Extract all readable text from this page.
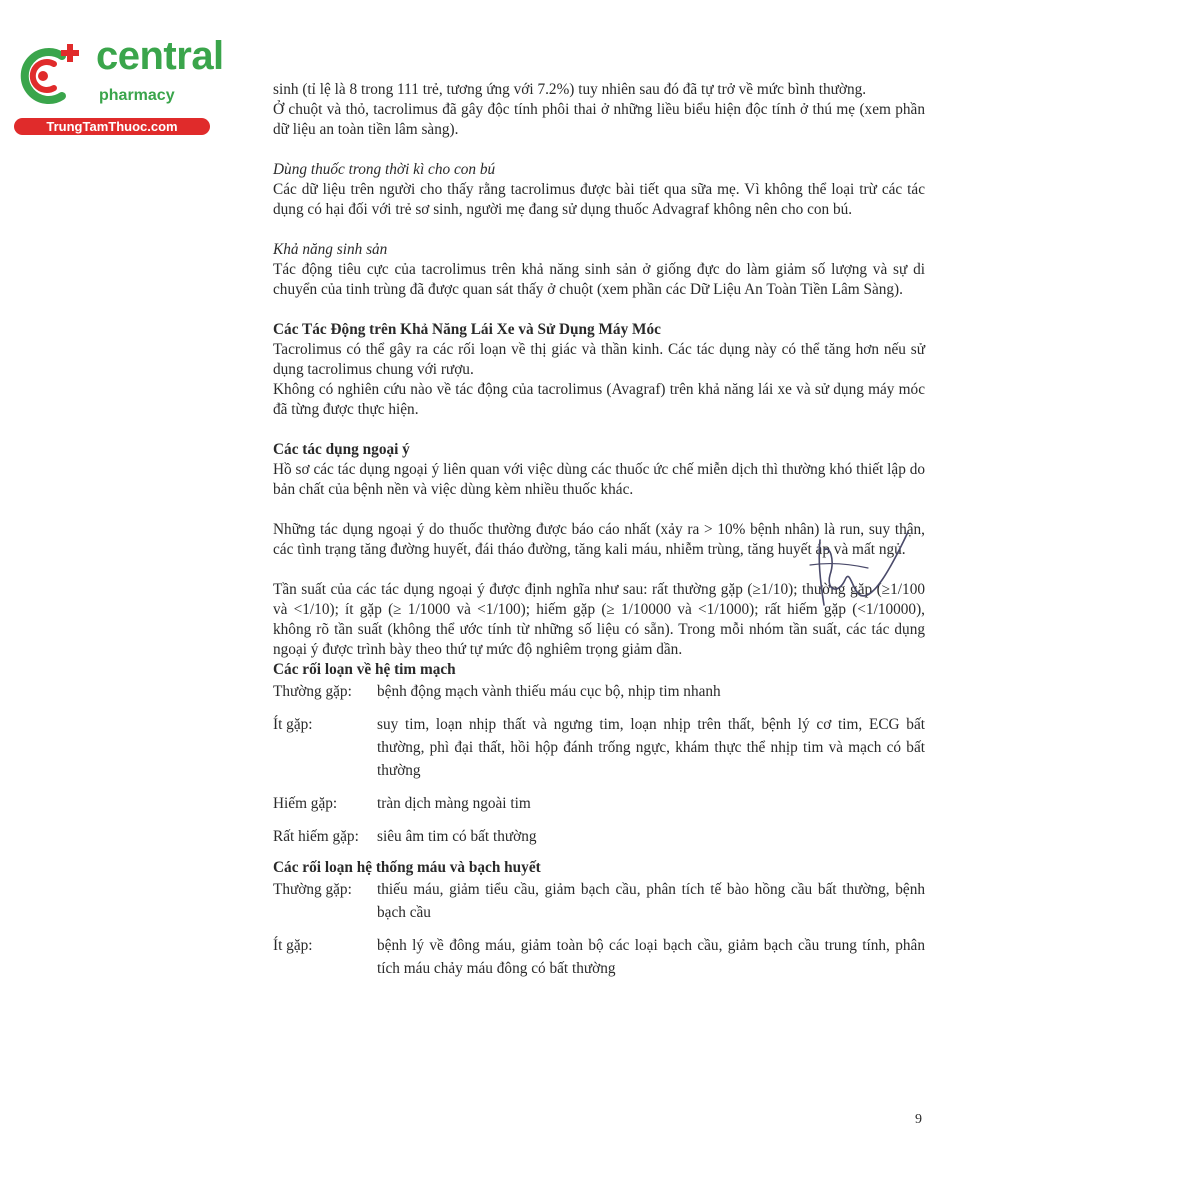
central
pharmacy
TrungTamThuoc.com

sinh (tỉ lệ là 8 trong 111 trẻ, tương ứng với 7.2%) tuy nhiên sau đó đã tự trở về mức bình thường.

Ở chuột và thỏ, tacrolimus đã gây độc tính phôi thai ở những liều biểu hiện độc tính ở thú mẹ (xem phần dữ liệu an toàn tiền lâm sàng).

Dùng thuốc trong thời kì cho con bú

Các dữ liệu trên người cho thấy rằng tacrolimus được bài tiết qua sữa mẹ. Vì không thể loại trừ các tác dụng có hại đối với trẻ sơ sinh, người mẹ đang sử dụng thuốc Advagraf không nên cho con bú.

Khả năng sinh sản

Tác động tiêu cực của tacrolimus trên khả năng sinh sản ở giống đực do làm giảm số lượng và sự di chuyển của tinh trùng đã được quan sát thấy ở chuột (xem phần các Dữ Liệu An Toàn Tiền Lâm Sàng).

Các Tác Động trên Khả Năng Lái Xe và Sử Dụng Máy Móc

Tacrolimus có thể gây ra các rối loạn về thị giác và thần kinh. Các tác dụng này có thể tăng hơn nếu sử dụng tacrolimus chung với rượu.

Không có nghiên cứu nào về tác động của tacrolimus (Avagraf) trên khả năng lái xe và sử dụng máy móc đã từng được thực hiện.

Các tác dụng ngoại ý

Hồ sơ các tác dụng ngoại ý liên quan với việc dùng các thuốc ức chế miễn dịch thì thường khó thiết lập do bản chất của bệnh nền và việc dùng kèm nhiều thuốc khác.

Những tác dụng ngoại ý do thuốc thường được báo cáo nhất (xảy ra > 10% bệnh nhân) là run, suy thận, các tình trạng tăng đường huyết, đái tháo đường, tăng kali máu, nhiễm trùng, tăng huyết áp và mất ngủ.

Tần suất của các tác dụng ngoại ý được định nghĩa như sau: rất thường gặp (≥1/10); thường gặp (≥1/100 và <1/10); ít gặp (≥ 1/1000 và <1/100); hiếm gặp (≥ 1/10000 và <1/1000); rất hiếm gặp (<1/10000), không rõ tần suất (không thể ước tính từ những số liệu có sẵn). Trong mỗi nhóm tần suất, các tác dụng ngoại ý được trình bày theo thứ tự mức độ nghiêm trọng giảm dần.

Các rối loạn về hệ tim mạch

Thường gặp:	bệnh động mạch vành thiếu máu cục bộ, nhịp tim nhanh
Ít gặp:	suy tim, loạn nhịp thất và ngưng tim, loạn nhịp trên thất, bệnh lý cơ tim, ECG bất thường, phì đại thất, hồi hộp đánh trống ngực, khám thực thể nhịp tim và mạch có bất thường
Hiếm gặp:	tràn dịch màng ngoài tim
Rất hiếm gặp:	siêu âm tim có bất thường

Các rối loạn hệ thống máu và bạch huyết

Thường gặp:	thiếu máu, giảm tiểu cầu, giảm bạch cầu, phân tích tế bào hồng cầu bất thường, bệnh bạch cầu
Ít gặp:	bệnh lý về đông máu, giảm toàn bộ các loại bạch cầu, giảm bạch cầu trung tính, phân tích máu chảy máu đông có bất thường
9
